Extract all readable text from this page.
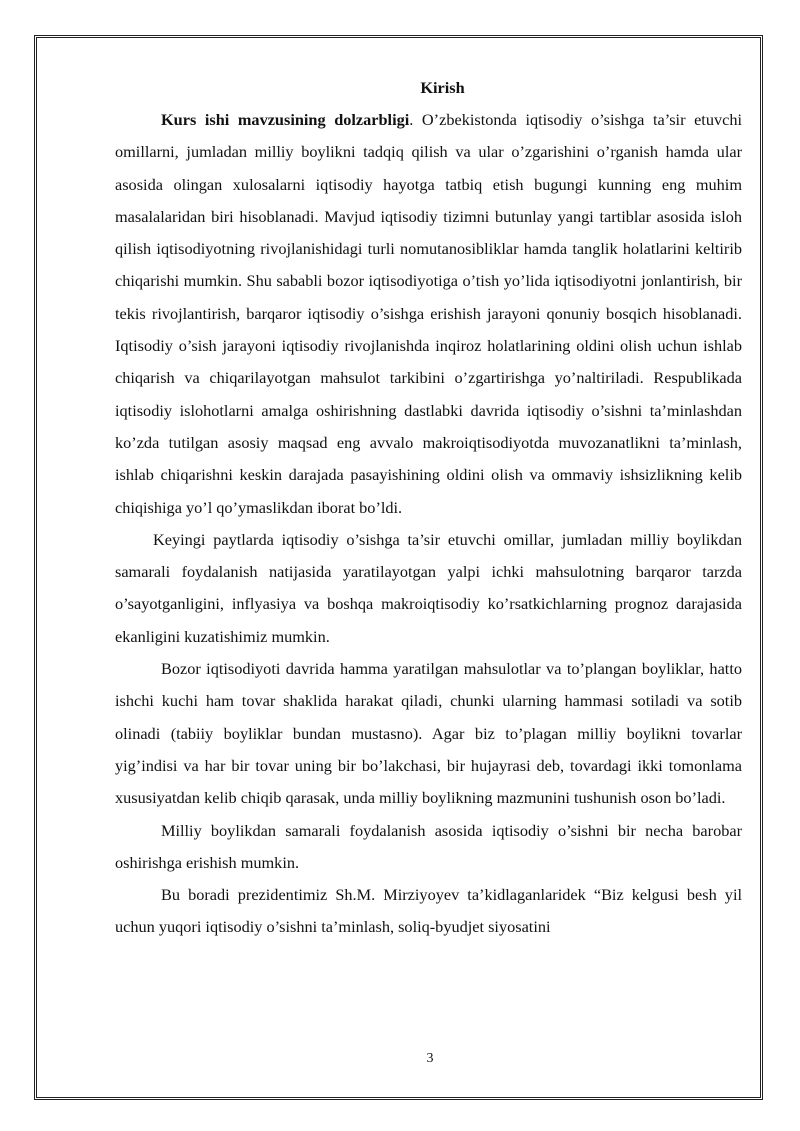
Kirish

Kurs ishi mavzusining dolzarbligi. O’zbekistonda iqtisodiy o’sishga ta’sir etuvchi omillarni, jumladan milliy boylikni tadqiq qilish va ular o’zgarishini o’rganish hamda ular asosida olingan xulosalarni iqtisodiy hayotga tatbiq etish bugungi kunning eng muhim masalalaridan biri hisoblanadi. Mavjud iqtisodiy tizimni butunlay yangi tartiblar asosida isloh qilish iqtisodiyotning rivojlanishidagi turli nomutanosibliklar hamda tanglik holatlarini keltirib chiqarishi mumkin. Shu sababli bozor iqtisodiyotiga o’tish yo’lida iqtisodiyotni jonlantirish, bir tekis rivojlantirish, barqaror iqtisodiy o’sishga erishish jarayoni qonuniy bosqich hisoblanadi. Iqtisodiy o’sish jarayoni iqtisodiy rivojlanishda inqiroz holatlarining oldini olish uchun ishlab chiqarish va chiqarilayotgan mahsulot tarkibini o’zgartirishga yo’naltiriladi. Respublikada iqtisodiy islohotlarni amalga oshirishning dastlabki davrida iqtisodiy o’sishni ta’minlashdan ko’zda tutilgan asosiy maqsad eng avvalo makroiqtisodiyotda muvozanatlikni ta’minlash, ishlab chiqarishni keskin darajada pasayishining oldini olish va ommaviy ishsizlikning kelib chiqishiga yo’l qo’ymaslikdan iborat bo’ldi.

Keyingi paytlarda iqtisodiy o’sishga ta’sir etuvchi omillar, jumladan milliy boylikdan samarali foydalanish natijasida yaratilayotgan yalpi ichki mahsulotning barqaror tarzda o’sayotganligini, inflyasiya va boshqa makroiqtisodiy ko’rsatkichlarning prognoz darajasida ekanligini kuzatishimiz mumkin.

Bozor iqtisodiyoti davrida hamma yaratilgan mahsulotlar va to’plangan boyliklar, hatto ishchi kuchi ham tovar shaklida harakat qiladi, chunki ularning hammasi sotiladi va sotib olinadi (tabiiy boyliklar bundan mustasno). Agar biz to’plagan milliy boylikni tovarlar yig’indisi va har bir tovar uning bir bo’lakchasi, bir hujayrasi deb, tovardagi ikki tomonlama xususiyatdan kelib chiqib qarasak, unda milliy boylikning mazmunini tushunish oson bo’ladi.

Milliy boylikdan samarali foydalanish asosida iqtisodiy o’sishni bir necha barobar oshirishga erishish mumkin.

Bu boradi prezidentimiz Sh.M. Mirziyoyev ta’kidlaganlaridek “Biz kelgusi besh yil uchun yuqori iqtisodiy o’sishni ta’minlash, soliq-byudjet siyosatini

3
